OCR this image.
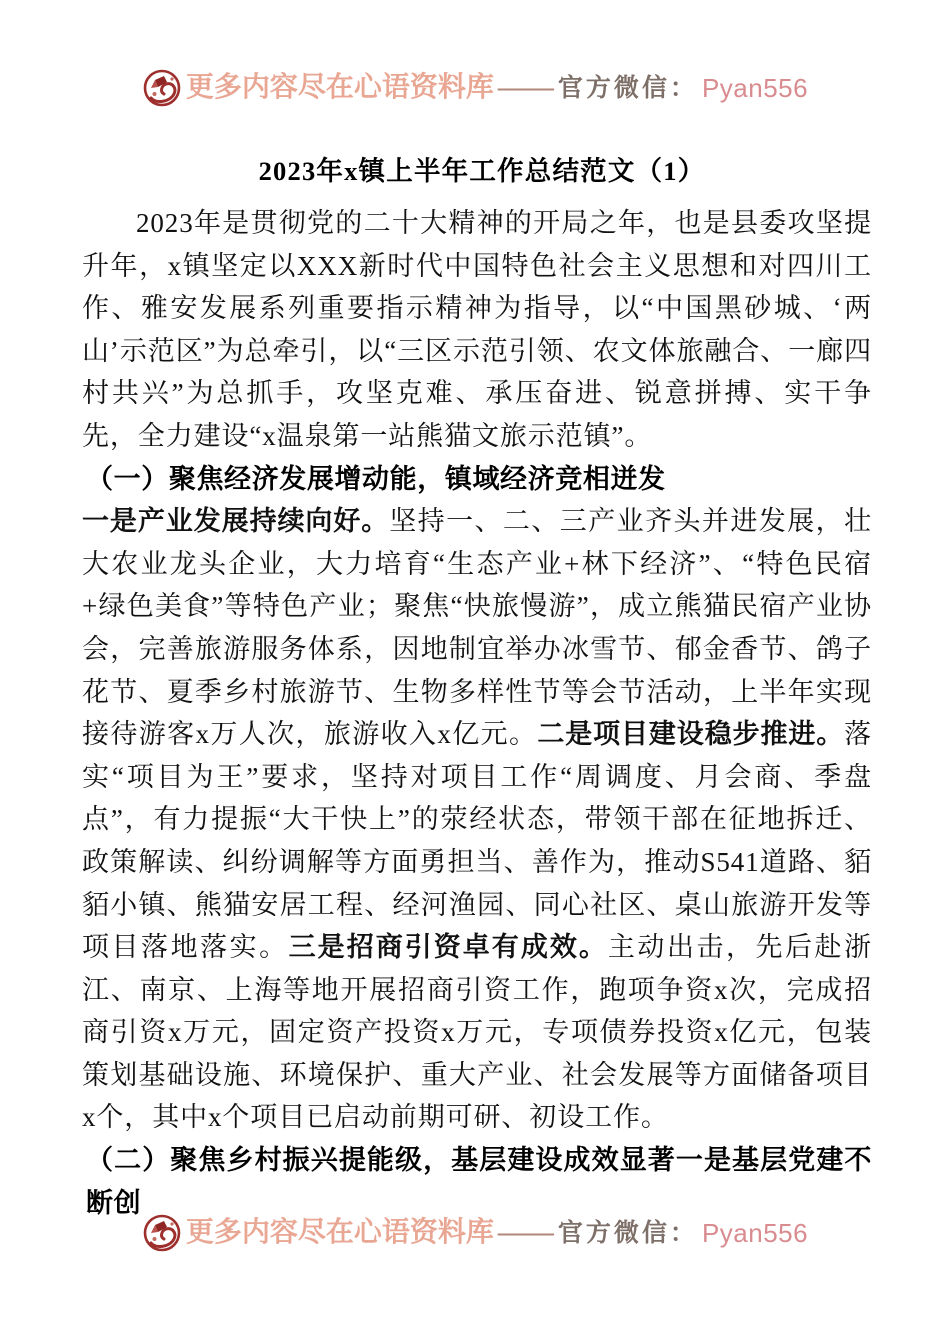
更多内容尽在心语资料库 —— 官方微信： Pyan556
2023年x镇上半年工作总结范文（1）
2023年是贯彻党的二十大精神的开局之年，也是县委攻坚提升年，x镇坚定以XXX新时代中国特色社会主义思想和对四川工作、雅安发展系列重要指示精神为指导，以“中国黑砂城、‘两山’示范区”为总牵引，以“三区示范引领、农文体旅融合、一廊四村共兴”为总抓手，攻坚克难、承压奋进、锐意拼搏、实干争先，全力建设“x温泉第一站熊猫文旅示范镇”。
（一）聚焦经济发展增动能，镇域经济竞相迸发
一是产业发展持续向好。坚持一、二、三产业齐头并进发展，壮大农业龙头企业，大力培育“生态产业+林下经济”、“特色民宿+绿色美食”等特色产业；聚焦“快旅慢游”，成立熊猫民宿产业协会，完善旅游服务体系，因地制宜举办冰雪节、郁金香节、鸽子花节、夏季乡村旅游节、生物多样性节等会节活动，上半年实现接待游客x万人次，旅游收入x亿元。二是项目建设稳步推进。落实“项目为王”要求，坚持对项目工作“周调度、月会商、季盘点”，有力提振“大干快上”的荥经状态，带领干部在征地拆迁、政策解读、纠纷调解等方面勇担当、善作为，推动S541道路、貊貊小镇、熊猫安居工程、经河渔园、同心社区、桌山旅游开发等项目落地落实。三是招商引资卓有成效。主动出击，先后赴浙江、南京、上海等地开展招商引资工作，跑项争资x次，完成招商引资x万元，固定资产投资x万元，专项债券投资x亿元，包装策划基础设施、环境保护、重大产业、社会发展等方面储备项目x个，其中x个项目已启动前期可研、初设工作。
（二）聚焦乡村振兴提能级，基层建设成效显著一是基层党建不断创
更多内容尽在心语资料库 —— 官方微信： Pyan556
